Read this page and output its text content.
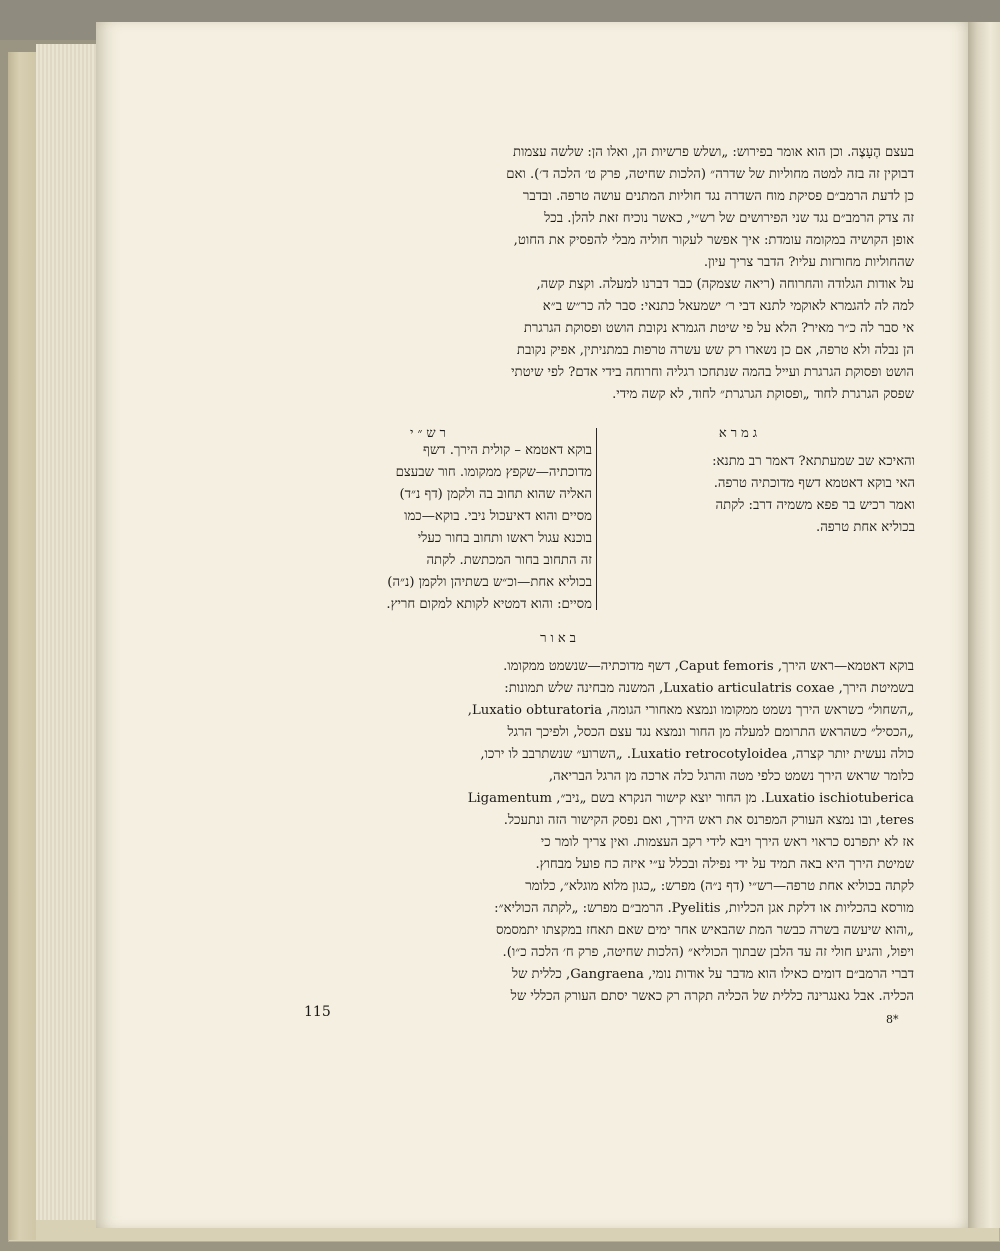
בעצם הֶעָצֶה. וכן הוא אומר בפירוש: „ושלש פרשיות הן, ואלו הן: שלשה עצמות
דבוקין זה בזה למטה מחוליות של שדרה״ (הלכות שחיטה, פרק ט׳ הלכה ד׳). ואם
כן לדעת הרמב״ם פסיקת מוח השדרה נגד חוליות המתנים עושה טרפה. ובדבר
זה צדק הרמב״ם נגד שני הפירושים של רש״י, כאשר נוכיח זאת להלן. בכל
אופן הקושיה במקומה עומדת: איך אפשר לעקור חוליה מבלי להפסיק את החוט,
שהחוליות מחורזות עליו? הדבר צריך עיון.
על אודות הגלודה והחרוחה (ריאה שצמקה) כבר דברנו למעלה. וקצת קשה,
למה לה להגמרא לאוקמי לתנא דבי ר׳ ישמעאל כתנאי: סבר לה כר״ש ב״א
אי סבר לה כ״ר מאיר? הלא על פי שיטת הגמרא נקובת הושט ופסוקת הגרגרת
הן נבלה ולא טרפה, אם כן נשארו רק שש עשרה טרפות במתניתין, אפיק נקובת
הושט ופסוקת הגרגרת ועייל בהמה שנתחכו רגליה וחרוחה בידי אדם? לפי שיטתי
שפסק הגרגרת לחוד „ופסוקת הגרגרת״ לחוד, לא קשה מידי.
גמרא
רש״י
והאיכא שב שמעתתא? דאמר רב מתנא:
האי בוקא דאטמא דשף מדוכתיה טרפה.
ואמר רכיש בר פפא משמיה דרב: לקתה
בכוליא אחת טרפה.
בוקא דאטמא – קולית הירך. דשף
מדוכתיה—שקפץ ממקומו. חור שבעצם
האליה שהוא תחוב בה ולקמן (דף נ״ד)
מסיים והוא דאיעכול ניבי. בוקא—כמו
בוכנא עגול ראשו ותחוב בחור כעלי
זה התחוב בחור המכתשת. לקתה
בכוליא אחת—וכ״ש בשתיהן ולקמן (נ״ה)
מסיים: והוא דמטיא לקותא למקום חריץ.
באור
בוקא דאטמא—ראש הירך, Caput femoris, דשף מדוכתיה—שנשמט ממקומו.
בשמיטת הירך, Luxatio articulatris coxae, המשנה מבחינה שלש תמונות:
„השחול״ כשראש הירך נשמט ממקומו ונמצא מאחורי הגומה, Luxatio obturatoria,
„הכסיל״ כשהראש התרומם למעלה מן החור ונמצא נגד עצם הכסל, ולפיכך הרגל
כולה נעשית יותר קצרה, Luxatio retrocotyloidea. „השרוע״ שנשתרבב לו ירכו,
כלומר שראש הירך נשמט כלפי מטה והרגל כלה ארכה מן הרגל הבריאה,
Luxatio ischiotuberica. מן החור יוצא קישור הנקרא בשם „ניב״, Ligamentum
teres, ובו נמצא העורק המפרנס את ראש הירך, ואם נפסק הקישור הזה ונתעכל.
אז לא יתפרנס כראוי ראש הירך ויבא לידי רקב העצמות. ואין צריך לומר כי
שמיטת הירך היא באה תמיד על ידי נפילה ובכלל ע״י איזה כח פועל מבחוץ.
לקתה בכוליא אחת טרפה—רש״י (דף נ״ה) מפרש: „כגון מלוא מוגלא״, כלומר
מורסא בהכליות או דלקת אגן הכליות, Pyelitis. הרמב״ם מפרש: „לקתה הכוליא״:
„והוא שיעשה בשרה כבשר המת שהבאיש אחר ימים שאם תאחז במקצתו יתמסמס
ויפול, והגיע חולי זה עד הלבן שבתוך הכוליא״ (הלכות שחיטה, פרק ח׳ הלכה כ״ו).
דברי הרמב״ם דומים כאילו הוא מדבר על אודות נומי, Gangraena, כללית של
הכליה. אבל גאנגרינה כללית של הכליה תקרה רק כאשר יסתם העורק הכללי של
115	8*
